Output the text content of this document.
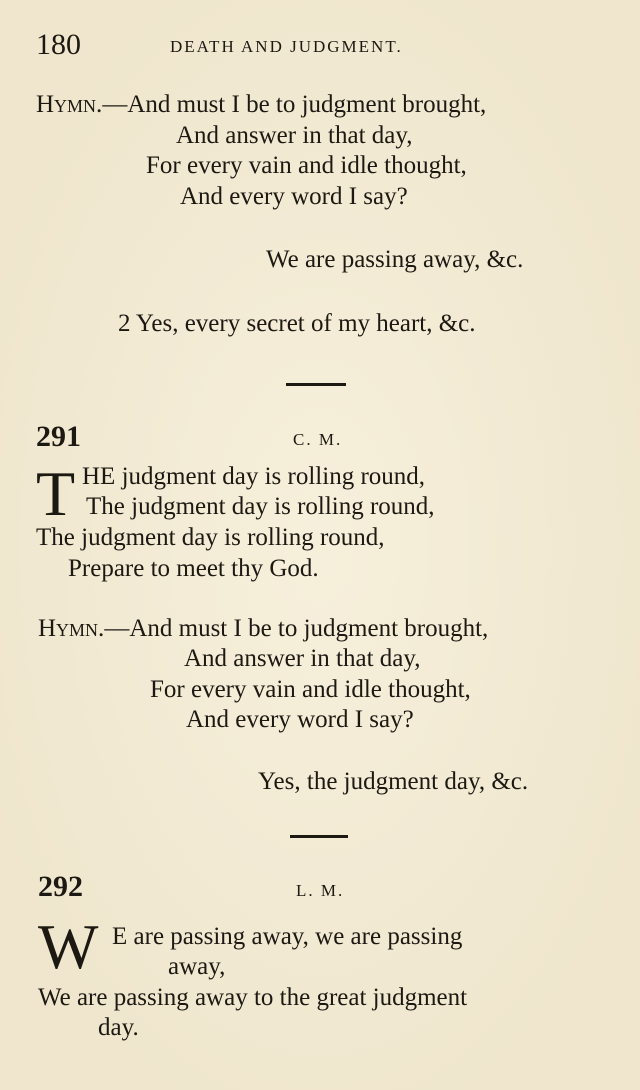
180	DEATH AND JUDGMENT.
Hymn.—And must I be to judgment brought,
And answer in that day,
For every vain and idle thought,
And every word I say?
We are passing away, &c.
2 Yes, every secret of my heart, &c.
291	C. M.
T HE judgment day is rolling round,
The judgment day is rolling round,
The judgment day is rolling round,
Prepare to meet thy God.
Hymn.—And must I be to judgment brought,
And answer in that day,
For every vain and idle thought,
And every word I say?
Yes, the judgment day, &c.
292	L. M.
W E are passing away, we are passing
away,
We are passing away to the great judgment
day.
